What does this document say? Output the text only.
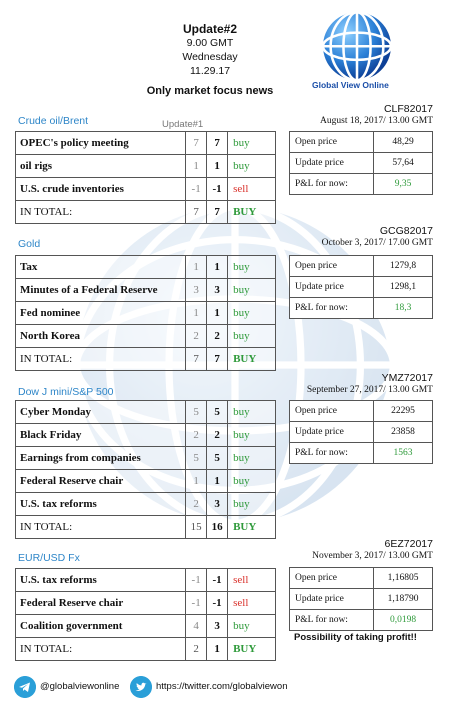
Update#2
9.00 GMT
Wednesday
11.29.17
Only market focus news	Global View Online
Update#1
Crude oil/Brent
OPEC's policy meeting	7	7	buy
oil rigs	1	1	buy
U.S. crude inventories	-1	-1	sell
IN TOTAL:	7	7	BUY
CLF82017
August 18, 2017/ 13.00 GMT
Open price	48,29
Update price	57,64
P&L for now:	9,35
Gold
Tax	1	1	buy
Minutes of a Federal Reserve	3	3	buy
Fed nominee	1	1	buy
North Korea	2	2	buy
IN TOTAL:	7	7	BUY
GCG82017
October 3, 2017/ 17.00 GMT
Open price	1279,8
Update price	1298,1
P&L for now:	18,3
Dow J mini/S&P 500
Cyber Monday	5	5	buy
Black Friday	2	2	buy
Earnings from companies	5	5	buy
Federal Reserve chair	1	1	buy
U.S. tax reforms	2	3	buy
IN TOTAL:	15	16	BUY
YMZ72017
September 27, 2017/ 13.00 GMT
Open price	22295
Update price	23858
P&L for now:	1563
EUR/USD Fx
U.S. tax reforms	-1	-1	sell
Federal Reserve chair	-1	-1	sell
Coalition government	4	3	buy
IN TOTAL:	2	1	BUY
6EZ72017
November 3, 2017/ 13.00 GMT
Open price	1,16805
Update price	1,18790
P&L for now:	0,0198
Possibility of taking profit!!
@globalviewonline	https://twitter.com/globalviewon
